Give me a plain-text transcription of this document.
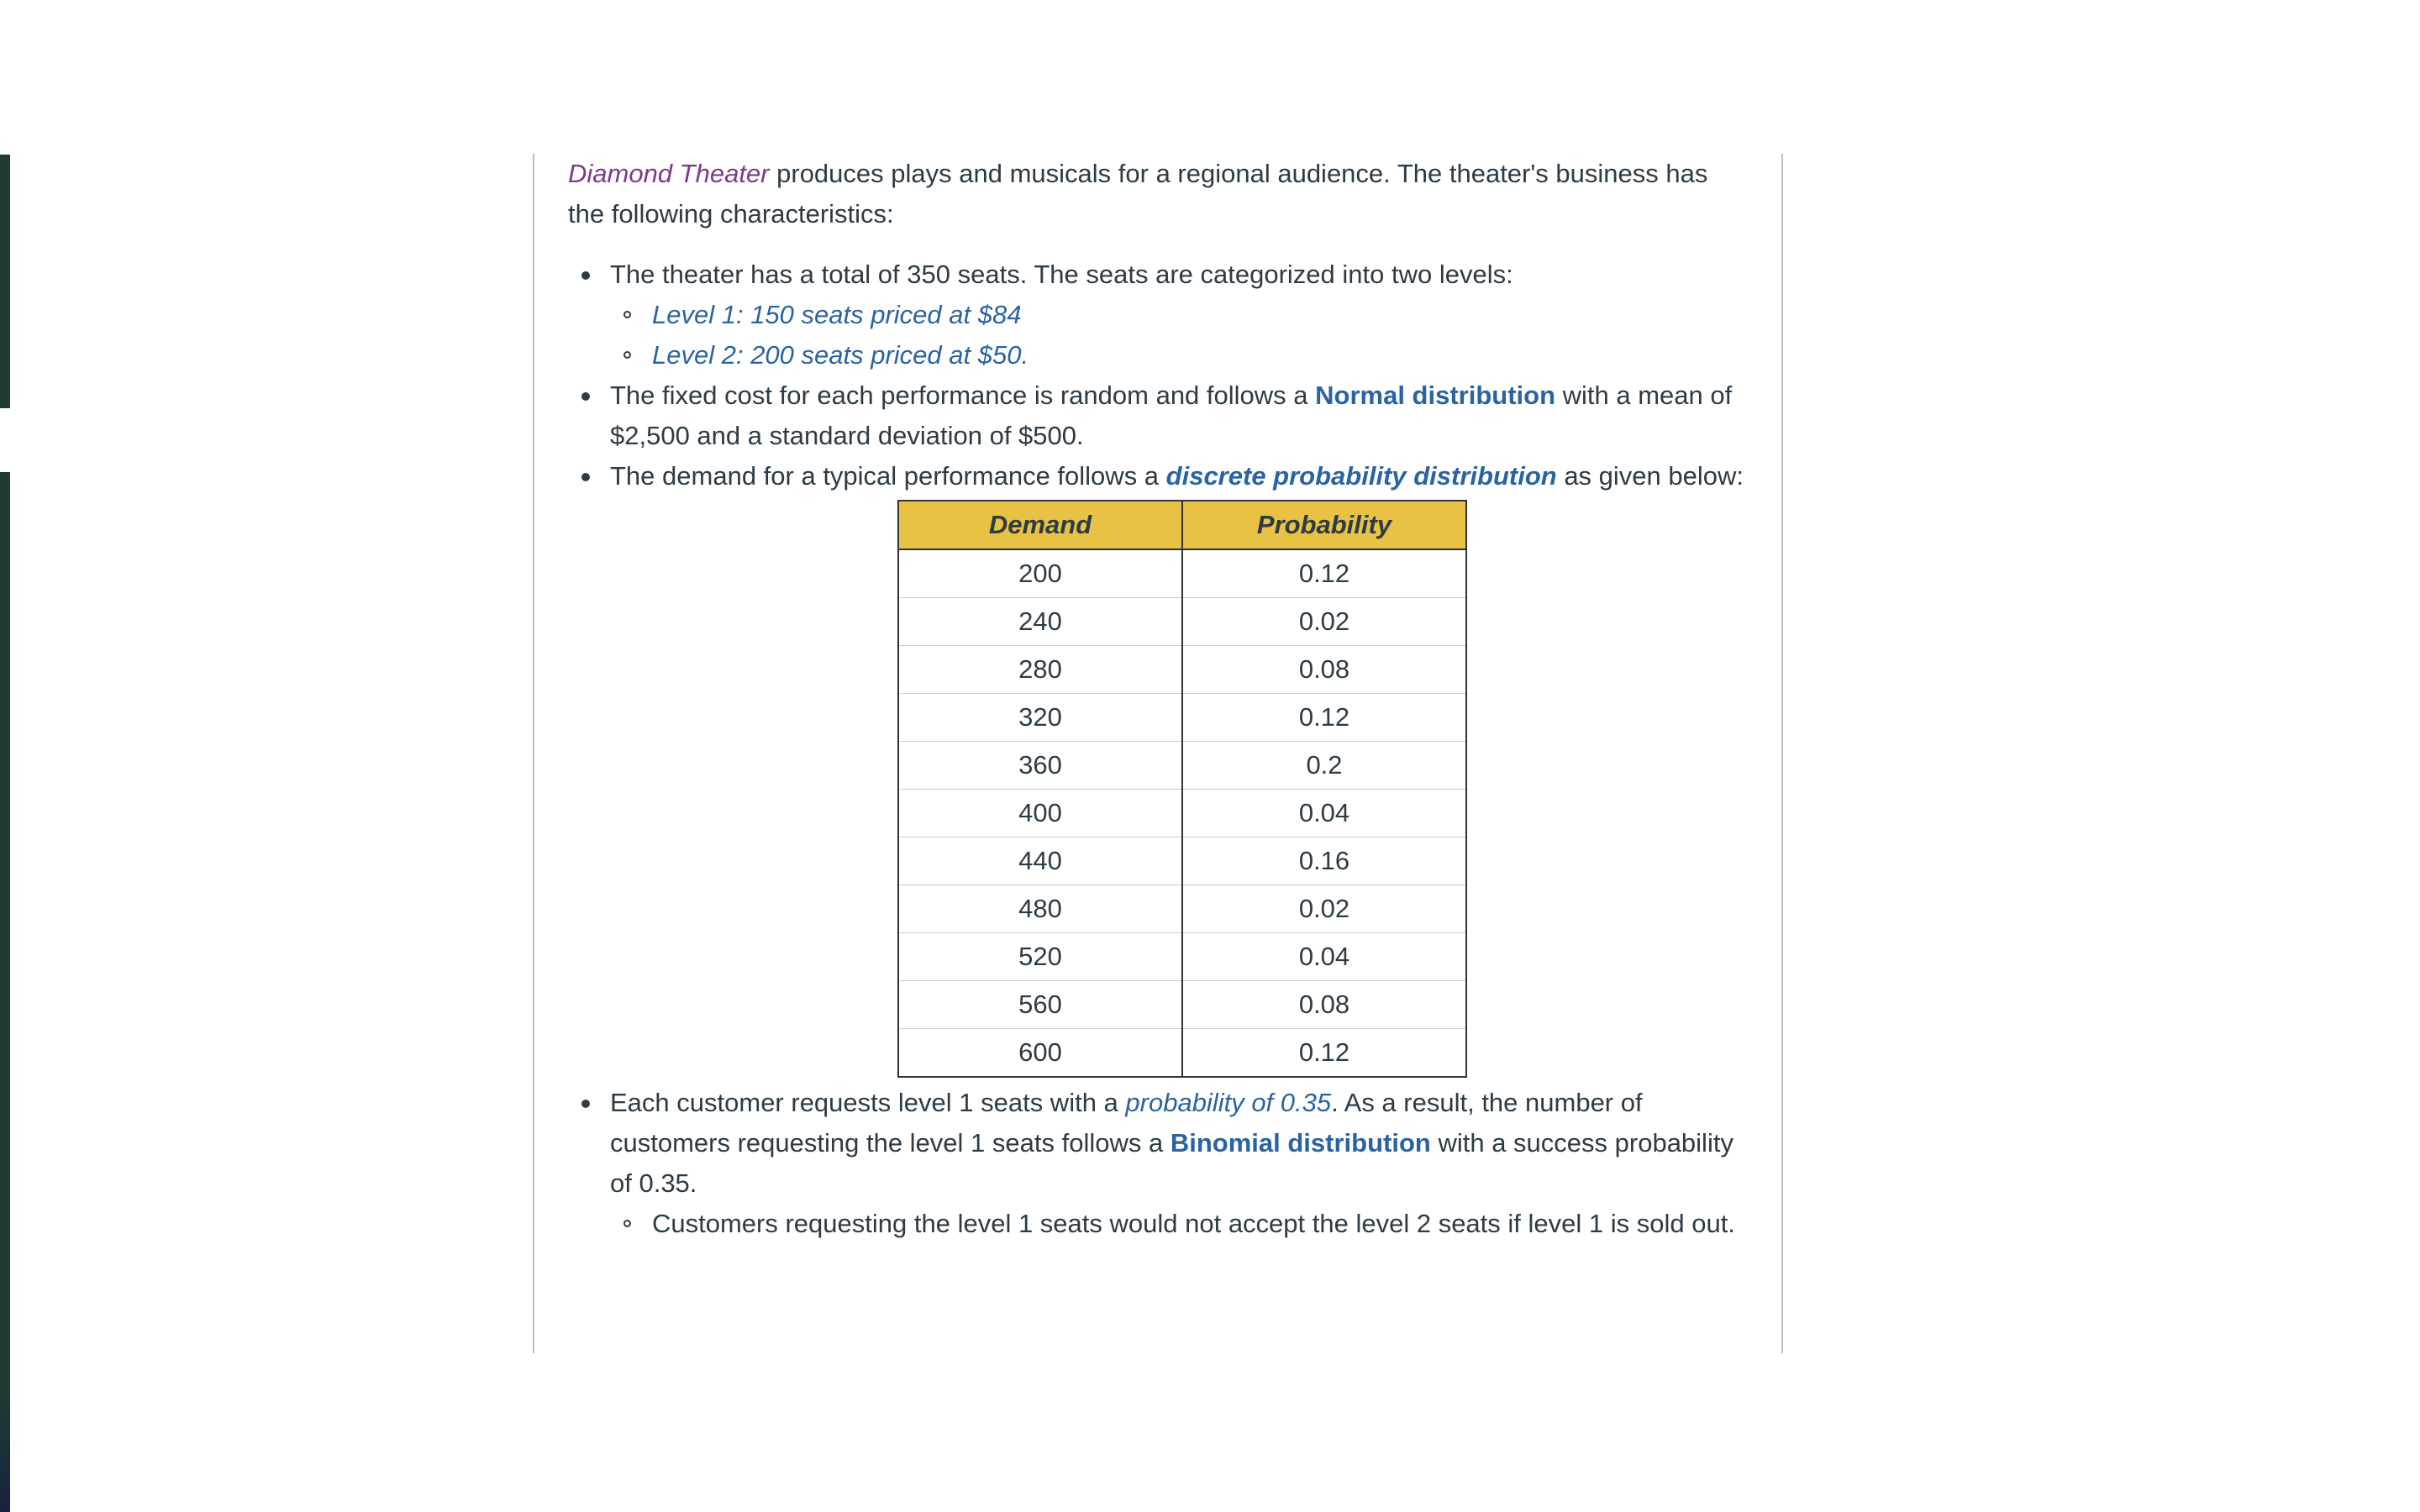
Diamond Theater produces plays and musicals for a regional audience. The theater's business has the following characteristics:

The theater has a total of 350 seats. The seats are categorized into two levels:
Level 1: 150 seats priced at $84
Level 2: 200 seats priced at $50.
The fixed cost for each performance is random and follows a Normal distribution with a mean of $2,500 and a standard deviation of $500.
The demand for a typical performance follows a discrete probability distribution as given below:
Demand	Probability
200	0.12
240	0.02
280	0.08
320	0.12
360	0.2
400	0.04
440	0.16
480	0.02
520	0.04
560	0.08
600	0.12
Each customer requests level 1 seats with a probability of 0.35. As a result, the number of customers requesting the level 1 seats follows a Binomial distribution with a success probability of 0.35.
Customers requesting the level 1 seats would not accept the level 2 seats if level 1 is sold out.
